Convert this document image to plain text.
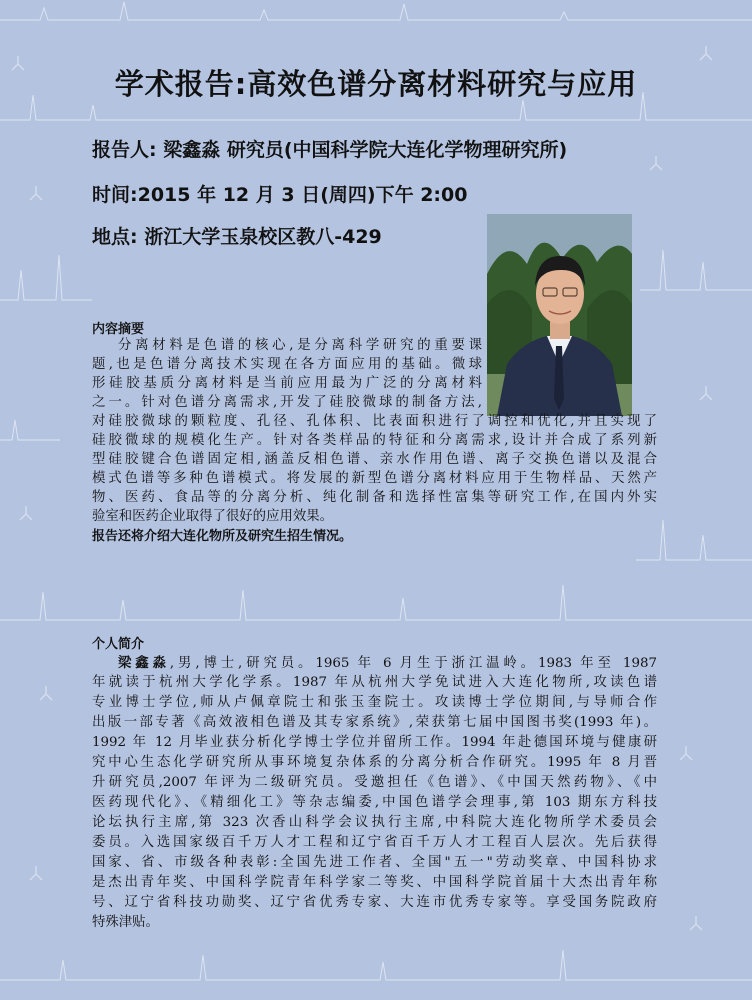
学术报告:高效色谱分离材料研究与应用
报告人: 梁鑫淼 研究员(中国科学院大连化学物理研究所)
时间:2015 年 12 月 3 日(周四)下午 2:00
地点: 浙江大学玉泉校区教八-429
内容摘要
分离材料是色谱的核心,是分离科学研究的重要课
题,也是色谱分离技术实现在各方面应用的基础。微球
形硅胶基质分离材料是当前应用最为广泛的分离材料
之一。针对色谱分离需求,开发了硅胶微球的制备方法,
对硅胶微球的颗粒度、孔径、孔体积、比表面积进行了调控和优化,并且实现了
硅胶微球的规模化生产。针对各类样品的特征和分离需求,设计并合成了系列新
型硅胶键合色谱固定相,涵盖反相色谱、亲水作用色谱、离子交换色谱以及混合
模式色谱等多种色谱模式。将发展的新型色谱分离材料应用于生物样品、天然产
物、医药、食品等的分离分析、纯化制备和选择性富集等研究工作,在国内外实
验室和医药企业取得了很好的应用效果。
报告还将介绍大连化物所及研究生招生情况。
个人简介
梁鑫淼,男,博士,研究员。1965 年 6 月生于浙江温岭。1983 年至 1987
年就读于杭州大学化学系。1987 年从杭州大学免试进入大连化物所,攻读色谱
专业博士学位,师从卢佩章院士和张玉奎院士。攻读博士学位期间,与导师合作
出版一部专著《高效液相色谱及其专家系统》,荣获第七届中国图书奖(1993 年)。
1992 年 12 月毕业获分析化学博士学位并留所工作。1994 年赴德国环境与健康研
究中心生态化学研究所从事环境复杂体系的分离分析合作研究。1995 年 8 月晋
升研究员,2007 年评为二级研究员。受邀担任《色谱》、《中国天然药物》、《中
医药现代化》、《精细化工》等杂志编委,中国色谱学会理事,第 103 期东方科技
论坛执行主席,第 323 次香山科学会议执行主席,中科院大连化物所学术委员会
委员。入选国家级百千万人才工程和辽宁省百千万人才工程百人层次。先后获得
国家、省、市级各种表彰:全国先进工作者、全国"五一"劳动奖章、中国科协求
是杰出青年奖、中国科学院青年科学家二等奖、中国科学院首届十大杰出青年称
号、辽宁省科技功勋奖、辽宁省优秀专家、大连市优秀专家等。享受国务院政府
特殊津贴。
